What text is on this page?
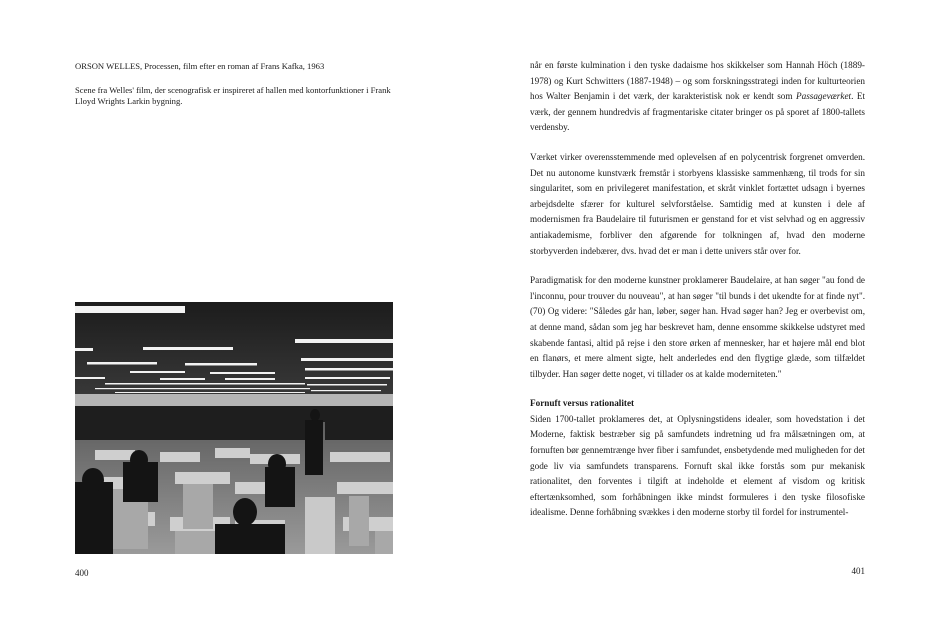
ORSON WELLES, Processen, film efter en roman af Frans Kafka, 1963

Scene fra Welles' film, der scenografisk er inspireret af hallen med kontorfunktioner i Frank Lloyd Wrights Larkin bygning.

400

når en første kulmination i den tyske dadaisme hos skikkelser som Hannah Höch (1889-1978) og Kurt Schwitters (1887-1948) – og som forskningsstrategi inden for kulturteorien hos Walter Benjamin i det værk, der karakteristisk nok er kendt som Passageværket. Et værk, der gennem hundredvis af fragmentariske citater bringer os på sporet af 1800-tallets verdensby.

Værket virker overensstemmende med oplevelsen af en polycentrisk forgrenet omverden. Det nu autonome kunstværk fremstår i storbyens klassiske sammenhæng, til trods for sin singularitet, som en privilegeret manifestation, et skråt vinklet fortættet udsagn i byernes arbejdsdelte sfærer for kulturel selvforståelse. Samtidig med at kunsten i dele af modernismen fra Baudelaire til futurismen er genstand for et vist selvhad og en aggressiv antiakademisme, forbliver den afgørende for tolkningen af, hvad den moderne storbyverden indebærer, dvs. hvad det er man i dette univers står over for.

Paradigmatisk for den moderne kunstner proklamerer Baudelaire, at han søger "au fond de l'inconnu, pour trouver du nouveau", at han søger "til bunds i det ukendte for at finde nyt". (70) Og videre: "Således går han, løber, søger han. Hvad søger han? Jeg er overbevist om, at denne mand, sådan som jeg har beskrevet ham, denne ensomme skikkelse udstyret med skabende fantasi, altid på rejse i den store ørken af mennesker, har et højere mål end blot en flanørs, et mere alment sigte, helt anderledes end den flygtige glæde, som tilfældet tilbyder. Han søger dette noget, vi tillader os at kalde moderniteten."

Fornuft versus rationalitet

Siden 1700-tallet proklameres det, at Oplysningstidens idealer, som hovedstation i det Moderne, faktisk bestræber sig på samfundets indretning ud fra målsætningen om, at fornuften bør gennemtrænge hver fiber i samfundet, ensbetydende med muligheden for det gode liv via samfundets transparens. Fornuft skal ikke forstås som pur mekanisk rationalitet, den forventes i tilgift at indeholde et element af visdom og kritisk eftertænksomhed, som forhåbningen ikke mindst formuleres i den tyske filosofiske idealisme. Denne forhåbning svækkes i den moderne storby til fordel for instrumentel-

401
